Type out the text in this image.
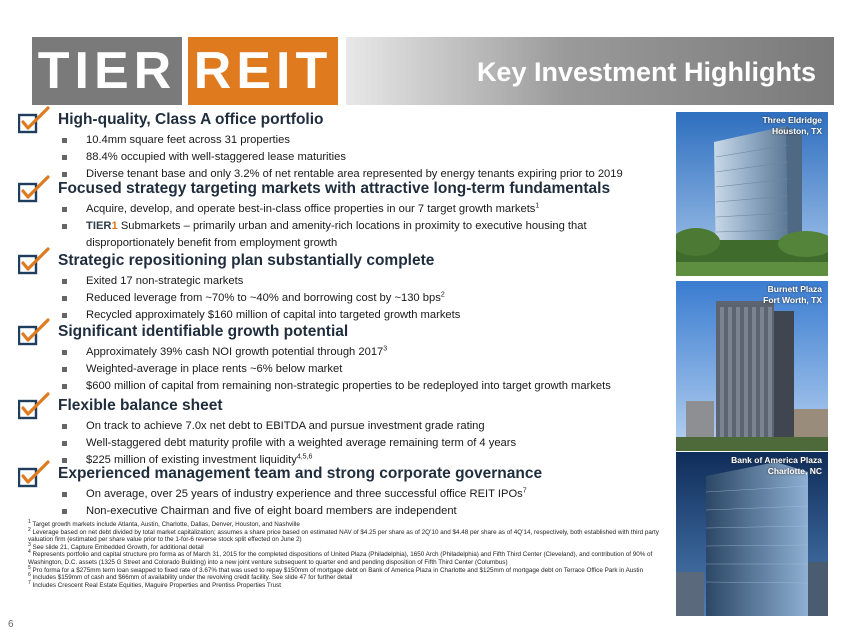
TIER REIT	Key Investment Highlights
High-quality, Class A office portfolio
10.4mm square feet across 31 properties
88.4% occupied with well-staggered lease maturities
Diverse tenant base and only 3.2% of net rentable area represented by energy tenants expiring prior to 2019
Focused strategy targeting markets with attractive long-term fundamentals
Acquire, develop, and operate best-in-class office properties in our 7 target growth markets$^1$
TIER1 Submarkets – primarily urban and amenity-rich locations in proximity to executive housing that disproportionately benefit from employment growth
Strategic repositioning plan substantially complete
Exited 17 non-strategic markets
Reduced leverage from ~70% to ~40% and borrowing cost by ~130 bps$^2$
Recycled approximately $160 million of capital into targeted growth markets
Significant identifiable growth potential
Approximately 39% cash NOI growth potential through 2017$^3$
Weighted-average in place rents ~6% below market
$600 million of capital from remaining non-strategic properties to be redeployed into target growth markets
Flexible balance sheet
On track to achieve 7.0x net debt to EBITDA and pursue investment grade rating
Well-staggered debt maturity profile with a weighted average remaining term of 4 years
$225 million of existing investment liquidity$^{4,5,6}$
Experienced management team and strong corporate governance
On average, over 25 years of industry experience and three successful office REIT IPOs$^7$
Non-executive Chairman and five of eight board members are independent
Three Eldridge
Houston, TX
Burnett Plaza
Fort Worth, TX
Bank of America Plaza
Charlotte, NC

$^1$ Target growth markets include Atlanta, Austin, Charlotte, Dallas, Denver, Houston, and Nashville

$^2$ Leverage based on net debt divided by total market capitalization; assumes a share price based on estimated NAV of $4.25 per share as of 2Q’10 and $4.48 per share as of 4Q’14, respectively, both established with third party valuation firm (estimated per share value prior to the 1-for-6 reverse stock split effected on June 2)

$^3$ See slide 21, Capture Embedded Growth, for additional detail

$^4$ Represents portfolio and capital structure pro forma as of March 31, 2015 for the completed dispositions of United Plaza (Philadelphia), 1650 Arch (Philadelphia) and Fifth Third Center (Cleveland), and contribution of 90% of Washington, D.C. assets (1325 G Street and Colorado Building) into a new joint venture subsequent to quarter end and pending disposition of Fifth Third Center (Columbus)

$^5$ Pro forma for a $275mm term loan swapped to fixed rate of 3.67% that was used to repay $150mm of mortgage debt on Bank of America Plaza in Charlotte and $125mm of mortgage debt on Terrace Office Park in Austin

$^6$ Includes $159mm of cash and $66mm of availability under the revolving credit facility. See slide 47 for further detail

$^7$ Includes Crescent Real Estate Equities, Maguire Properties and Prentiss Properties Trust

6
